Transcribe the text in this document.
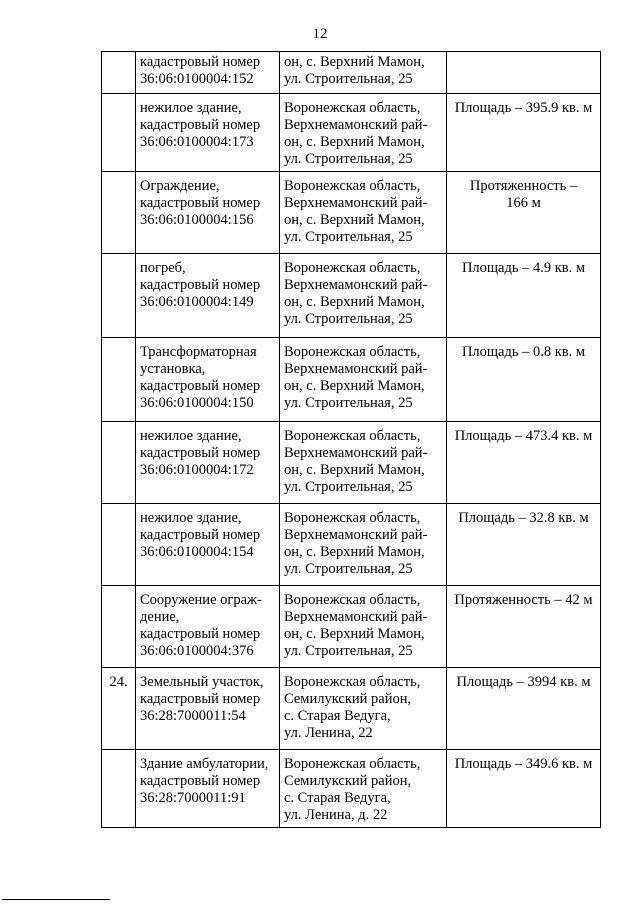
12

	кадастровый номер
36:06:0100004:152	он, с. Верхний Мамон,
ул. Строительная, 25	

	нежилое здание,
кадастровый номер
36:06:0100004:173	Воронежская область,
Верхнемамонский рай-
он, с. Верхний Мамон,
ул. Строительная, 25	Площадь – 395.9 кв. м

	Ограждение,
кадастровый номер
36:06:0100004:156	Воронежская область,
Верхнемамонский рай-
он, с. Верхний Мамон,
ул. Строительная, 25	Протяженность –
166 м

	погреб,
кадастровый номер
36:06:0100004:149	Воронежская область,
Верхнемамонский рай-
он, с. Верхний Мамон,
ул. Строительная, 25	Площадь – 4.9 кв. м

	Трансформаторная
установка,
кадастровый номер
36:06:0100004:150	Воронежская область,
Верхнемамонский рай-
он, с. Верхний Мамон,
ул. Строительная, 25	Площадь – 0.8 кв. м

	нежилое здание,
кадастровый номер
36:06:0100004:172	Воронежская область,
Верхнемамонский рай-
он, с. Верхний Мамон,
ул. Строительная, 25	Площадь – 473.4 кв. м

	нежилое здание,
кадастровый номер
36:06:0100004:154	Воронежская область,
Верхнемамонский рай-
он, с. Верхний Мамон,
ул. Строительная, 25	Площадь – 32.8 кв. м

	Сооружение ограж-
дение,
кадастровый номер
36:06:0100004:376	Воронежская область,
Верхнемамонский рай-
он, с. Верхний Мамон,
ул. Строительная, 25	Протяженность – 42 м

24.	Земельный участок,
кадастровый номер
36:28:7000011:54	Воронежская область,
Семилукский район,
с. Старая Ведуга,
ул. Ленина, 22	Площадь – 3994 кв. м

	Здание амбулатории,
кадастровый номер
36:28:7000011:91	Воронежская область,
Семилукский район,
с. Старая Ведуга,
ул. Ленина, д. 22	Площадь – 349.6 кв. м
